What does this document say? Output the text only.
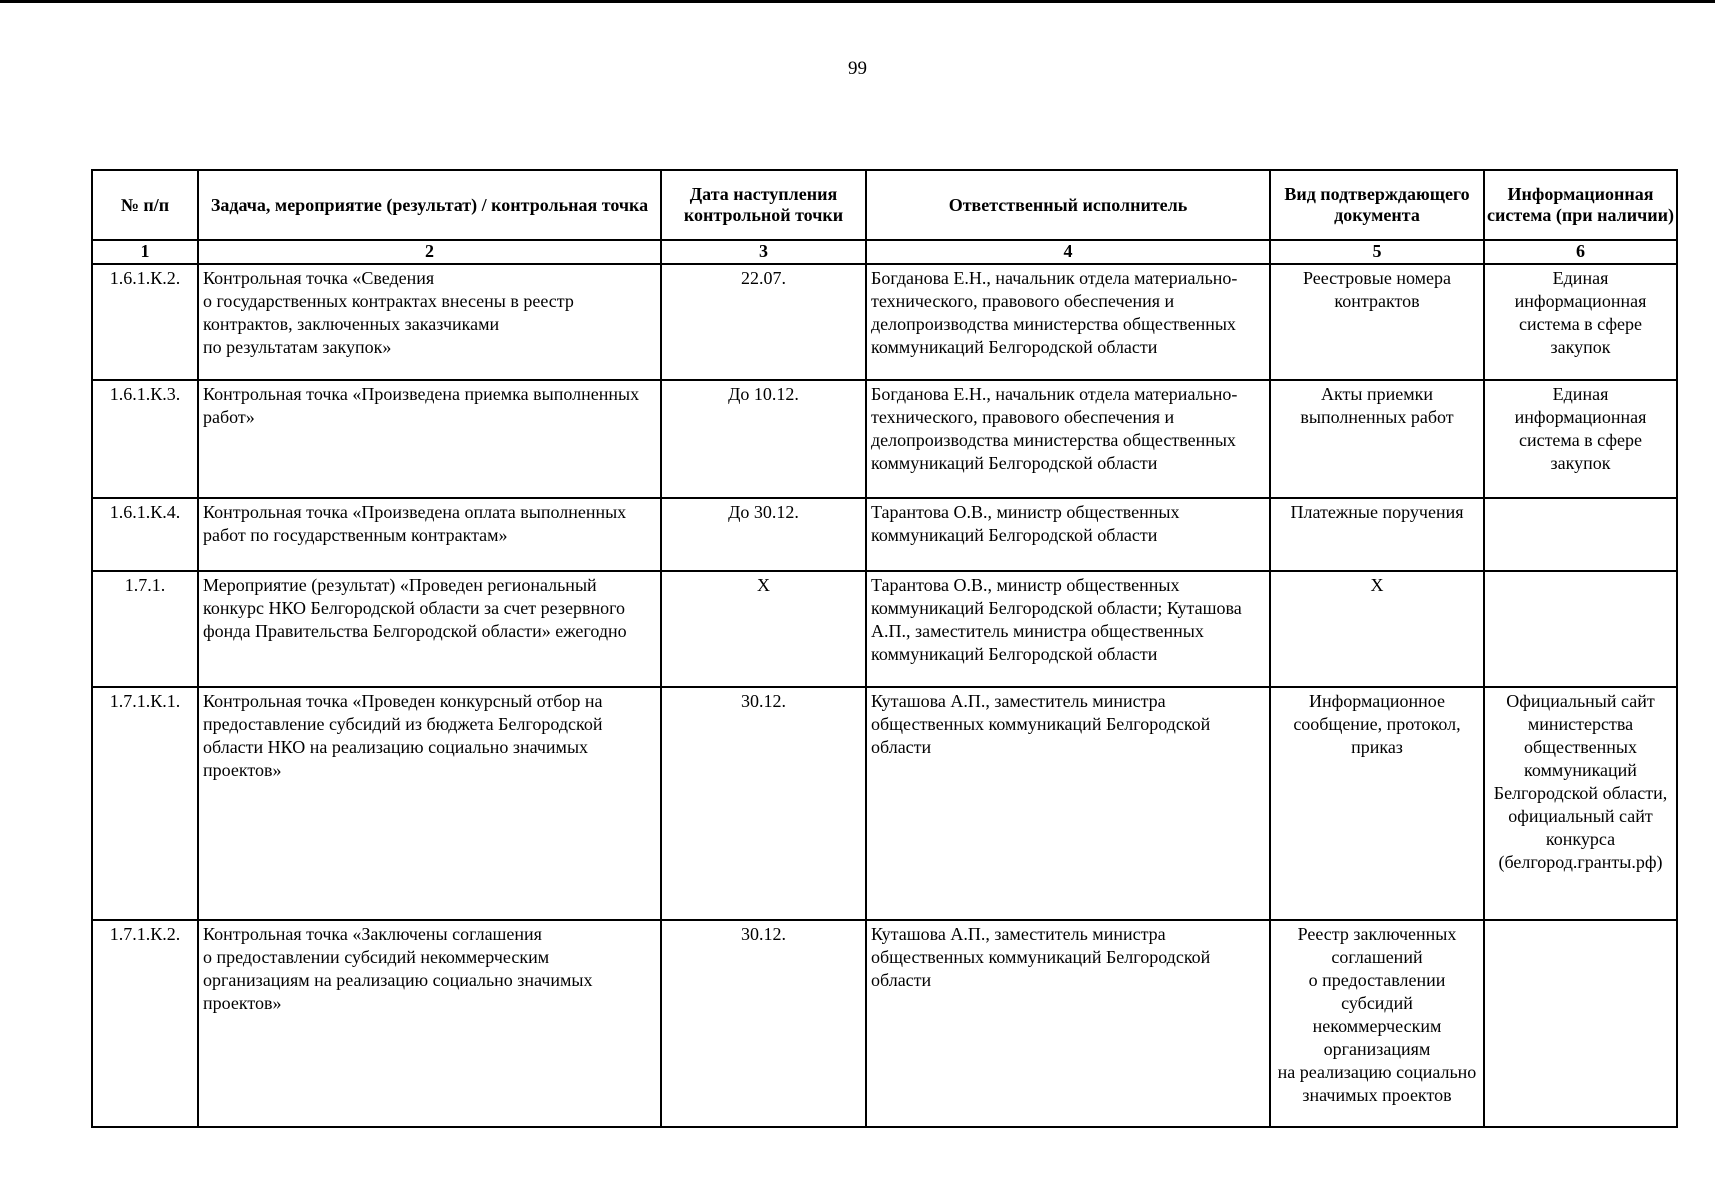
99
№ п/п	Задача, мероприятие (результат) / контрольная точка	Дата наступления контрольной точки	Ответственный исполнитель	Вид подтверждающего документа	Информационная система (при наличии)
1	2	3	4	5	6
1.6.1.К.2.	Контрольная точка «Сведения
о государственных контрактах внесены в реестр контрактов, заключенных заказчиками
по результатам закупок»	22.07.	Богданова Е.Н., начальник отдела материально-технического, правового обеспечения и делопроизводства министерства общественных коммуникаций Белгородской области	Реестровые номера контрактов	Единая информационная система в сфере закупок
1.6.1.К.3.	Контрольная точка «Произведена приемка выполненных работ»	До 10.12.	Богданова Е.Н., начальник отдела материально-технического, правового обеспечения и делопроизводства министерства общественных коммуникаций Белгородской области	Акты приемки выполненных работ	Единая информационная система в сфере закупок
1.6.1.К.4.	Контрольная точка «Произведена оплата выполненных работ по государственным контрактам»	До 30.12.	Тарантова О.В., министр общественных коммуникаций Белгородской области	Платежные поручения	
1.7.1.	Мероприятие (результат) «Проведен региональный конкурс НКО Белгородской области за счет резервного фонда Правительства Белгородской области» ежегодно	Х	Тарантова О.В., министр общественных коммуникаций Белгородской области; Куташова А.П., заместитель министра общественных коммуникаций Белгородской области	Х	
1.7.1.К.1.	Контрольная точка «Проведен конкурсный отбор на предоставление субсидий из бюджета Белгородской области НКО на реализацию социально значимых проектов»	30.12.	Куташова А.П., заместитель министра общественных коммуникаций Белгородской области	Информационное сообщение, протокол, приказ	Официальный сайт министерства общественных коммуникаций Белгородской области, официальный сайт конкурса (белгород.гранты.рф)
1.7.1.К.2.	Контрольная точка «Заключены соглашения
о предоставлении субсидий некоммерческим организациям на реализацию социально значимых проектов»	30.12.	Куташова А.П., заместитель министра общественных коммуникаций Белгородской области	Реестр заключенных соглашений
о предоставлении субсидий некоммерческим организациям
на реализацию социально значимых проектов	
